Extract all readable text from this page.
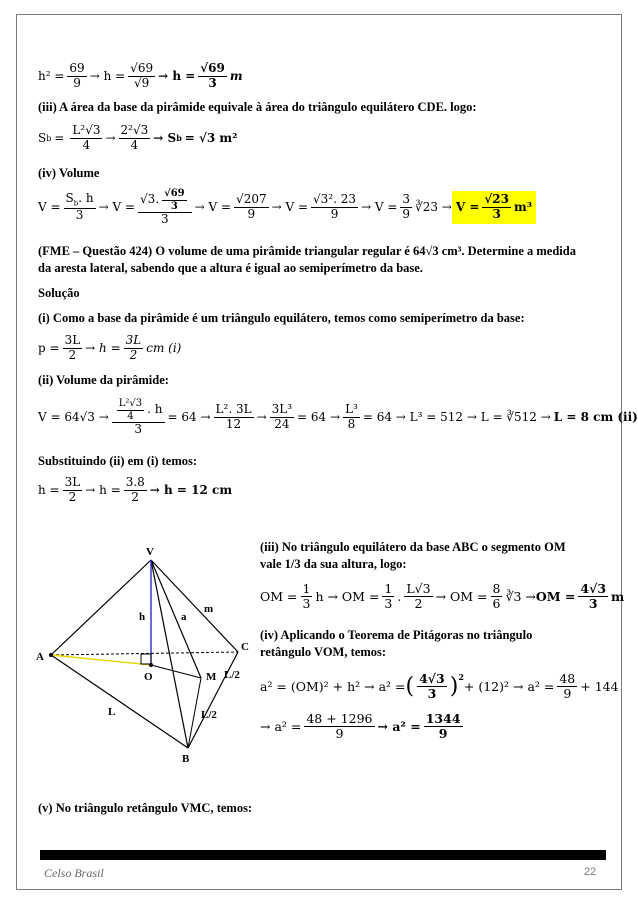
$h^2 = \frac{69}{9} \to h = \frac{√69}{√9} \to h = \frac{√69}{3}$ m
(iii) A área da base da pirâmide equivale à área do triângulo equilátero CDE. logo:
S $b = \frac{\text{L²√3}}{4} \to \frac{\text{2²√3}}{4} \to S$ b = √3 m²
(iv) Volume
$V = \frac{S_b. h}{3} \to V = \frac{√3. \frac{√69}{3}}{3} \to V = \frac{√207}{9} \to V = \frac{\text{√3². 23}}{9} \to V = \frac{3}{9}$ ∛23 → $V = \frac{√23}{3} m^3$
(FME – Questão 424) O volume de uma pirâmide triangular regular é 64√3 cm³. Determine a medida
da aresta lateral, sabendo que a altura é igual ao semiperímetro da base.
Solução
(i) Como a base da pirâmide é um triângulo equilátero, temos como semiperímetro da base:
$p = \frac{3L}{2} \to h = \frac{3L}{2}$ cm (i)
(ii) Volume da pirâmide:
$V = 64√3 \to \frac{\frac{\text{L²√3}}{4} . h}{3} = 64 \to \frac{\text{L². 3L}}{12} \to \frac{\text{3L³}}{24} = 64 \to \frac{\text{L³}}{8} = 64 \to L^3 = 512 \to L$ = ∛512 → L = 8 cm (ii)
Substituindo (ii) em (i) temos:
$h = \frac{3L}{2} \to h = \frac{3.8}{2} \to h = 12$ cm
V
A
B
C
O	M
h	a
m
L
L/2
L/2
(iii) No triângulo equilátero da base ABC o segmento OM
vale 1/3 da sua altura, logo:
OM = $\frac{1}{3}$ h → OM = $\frac{1}{3}$ . $\frac{L√3}{2}$ → OM = $\frac{8}{6}$ ∛3 → OM = $\frac{4√3}{3}$ m
(iv) Aplicando o Teorema de Pitágoras no triângulo
retângulo VOM, temos:
a² = (OM)² + h² → a² = ( $\frac{4√3}{3} )^2$
+ $(12)^2 \to a^2 = \frac{48}{9} + 144$
→ $a^2 = \frac{48 + 1296}{9} \to a^2 = \frac{1344}{9}$
(v) No triângulo retângulo VMC, temos:
Celso Brasil	22
